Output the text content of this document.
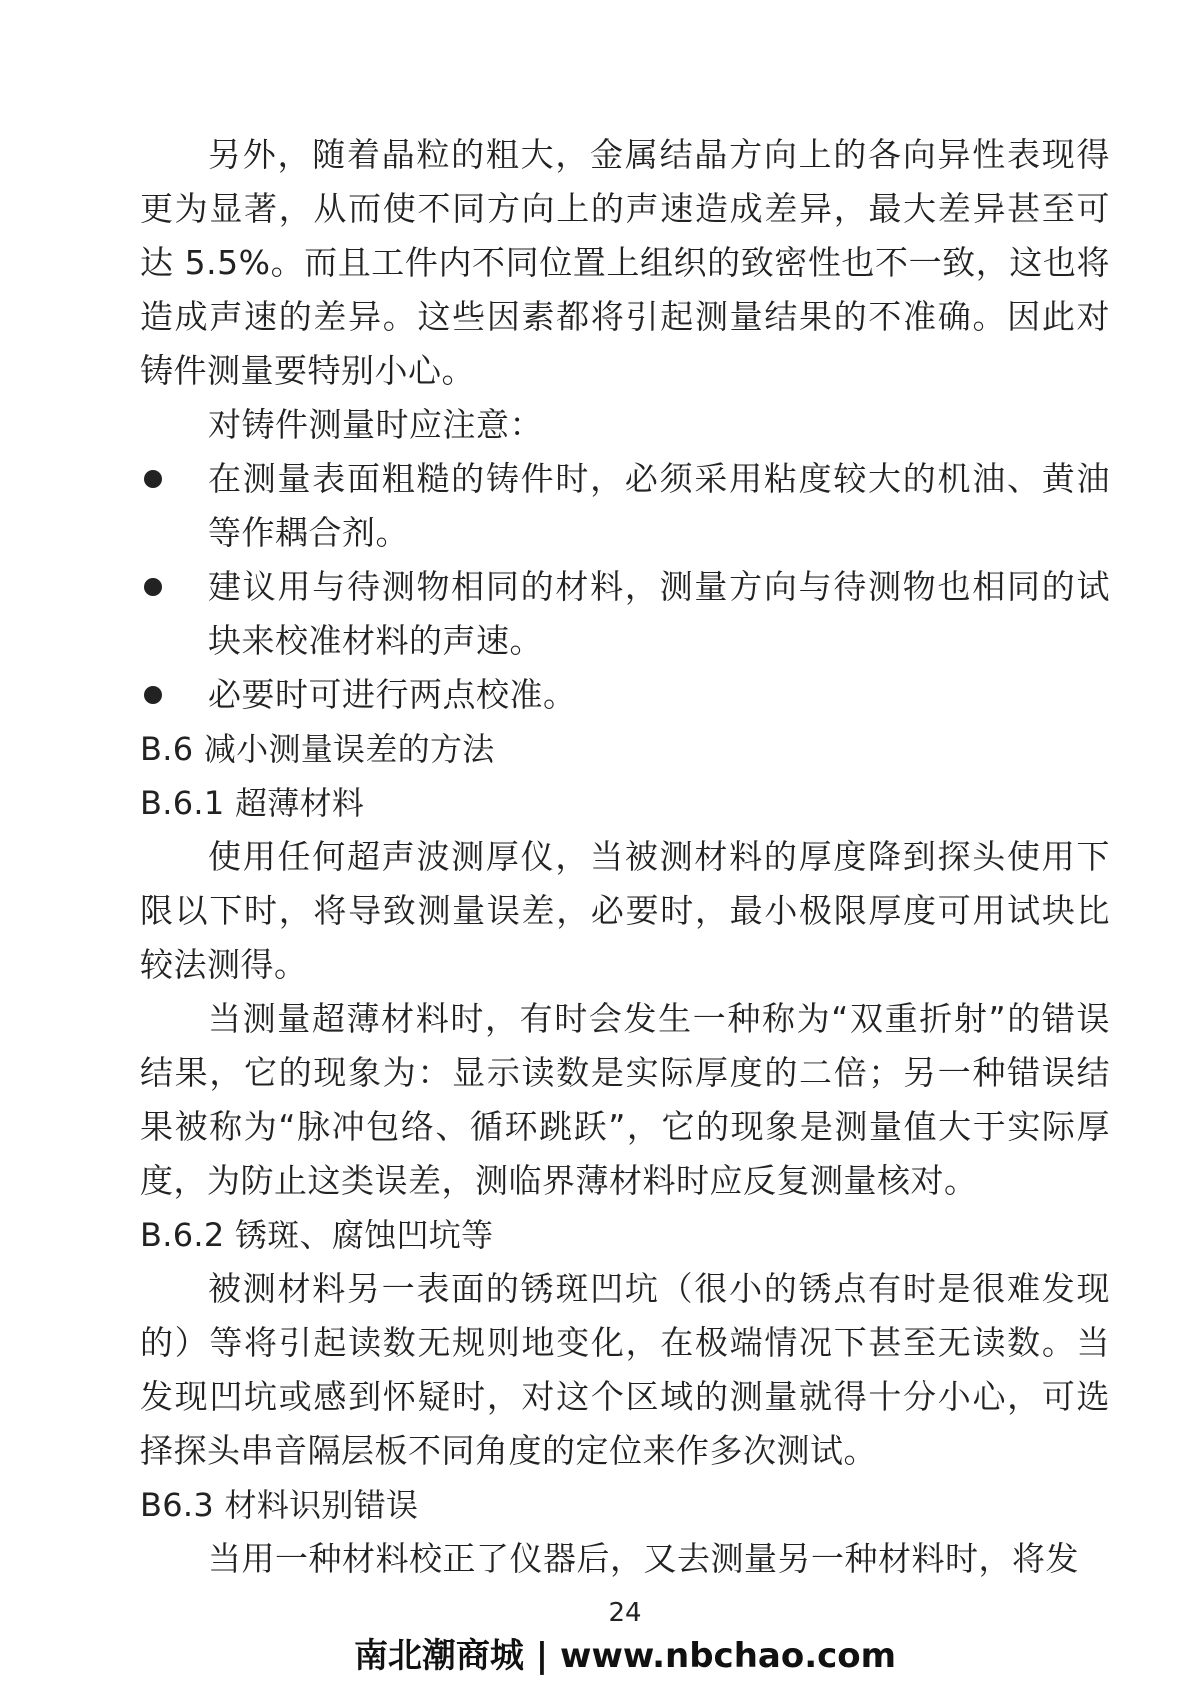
另外，随着晶粒的粗大，金属结晶方向上的各向异性表现得更为显著，从而使不同方向上的声速造成差异，最大差异甚至可达 5.5%。而且工件内不同位置上组织的致密性也不一致，这也将造成声速的差异。这些因素都将引起测量结果的不准确。因此对铸件测量要特别小心。

对铸件测量时应注意：

在测量表面粗糙的铸件时，必须采用粘度较大的机油、黄油等作耦合剂。
建议用与待测物相同的材料，测量方向与待测物也相同的试块来校准材料的声速。
必要时可进行两点校准。

B.6 减小测量误差的方法

B.6.1 超薄材料

使用任何超声波测厚仪，当被测材料的厚度降到探头使用下限以下时，将导致测量误差，必要时，最小极限厚度可用试块比较法测得。

当测量超薄材料时，有时会发生一种称为“双重折射”的错误结果，它的现象为：显示读数是实际厚度的二倍；另一种错误结果被称为“脉冲包络、循环跳跃”，它的现象是测量值大于实际厚度，为防止这类误差，测临界薄材料时应反复测量核对。

B.6.2 锈斑、腐蚀凹坑等

被测材料另一表面的锈斑凹坑（很小的锈点有时是很难发现的）等将引起读数无规则地变化，在极端情况下甚至无读数。当发现凹坑或感到怀疑时，对这个区域的测量就得十分小心，可选择探头串音隔层板不同角度的定位来作多次测试。

B6.3 材料识别错误

当用一种材料校正了仪器后，又去测量另一种材料时，将发

24
南北潮商城 | www.nbchao.com
